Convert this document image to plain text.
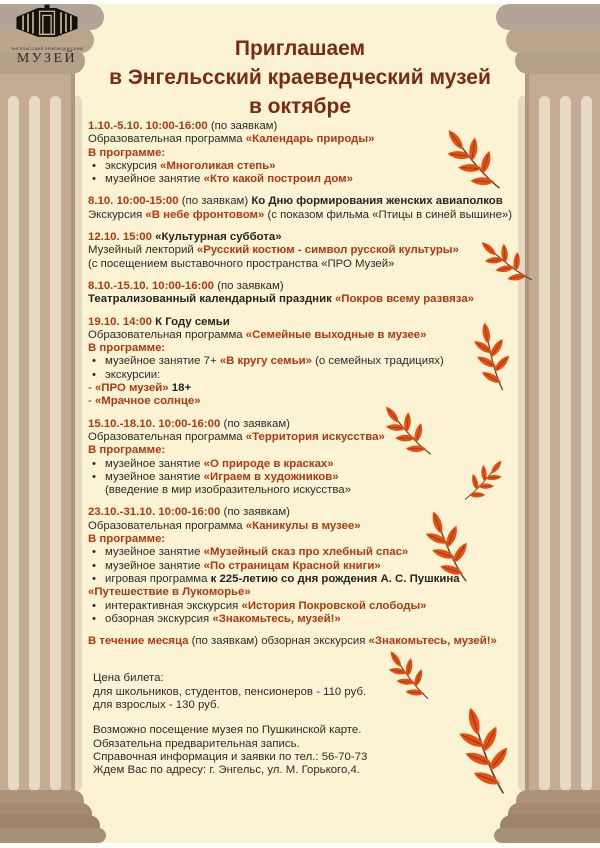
ЭНГЕЛЬССКИЙ КРАЕВЕДЧЕСКИЙ
МУЗЕЙ	Приглашаем
в Энгельсский краеведческий музей
в октябре
1.10.-5.10. 10:00-16:00 (по заявкам)
Образовательная программа «Календарь природы»
В программе:
• экскурсия «Многоликая степь»
• музейное занятие «Кто какой построил дом»
8.10. 10:00-15:00 (по заявкам) Ко Дню формирования женских авиаполков
Экскурсия «В небе фронтовом» (с показом фильма «Птицы в синей вышине»)
12.10. 15:00 «Культурная суббота»
Музейный лекторий «Русский костюм - символ русской культуры»
(с посещением выставочного пространства «ПРО Музей»
8.10.-15.10. 10:00-16:00 (по заявкам)
Театрализованный календарный праздник «Покров всему развяза»
19.10. 14:00 К Году семьи
Образовательная программа «Семейные выходные в музее»
В программе:
• музейное занятие 7+ «В кругу семьи» (о семейных традициях)
• экскурсии:
- «ПРО музей» 18+
- «Мрачное солнце»
15.10.-18.10. 10:00-16:00 (по заявкам)
Образовательная программа «Территория искусства»
В программе:
• музейное занятие «О природе в красках»
• музейное занятие «Играем в художников»
(введение в мир изобразительного искусства»
23.10.-31.10. 10:00-16:00 (по заявкам)
Образовательная программа «Каникулы в музее»
В программе:
• музейное занятие «Музейный сказ про хлебный спас»
• музейное занятие «По страницам Красной книги»
• игровая программа к 225-летию со дня рождения А. С. Пушкина
«Путешествие в Лукоморье»
• интерактивная экскурсия «История Покровской слободы»
• обзорная экскурсия «Знакомьтесь, музей!»
В течение месяца (по заявкам) обзорная экскурсия «Знакомьтесь, музей!»
Цена билета:
для школьников, студентов, пенсионеров - 110 руб.
для взрослых - 130 руб.
Возможно посещение музея по Пушкинской карте.
Обязательна предварительная запись.
Справочная информация и заявки по тел.: 56-70-73
Ждем Вас по адресу: г. Энгельс, ул. М. Горького,4.
